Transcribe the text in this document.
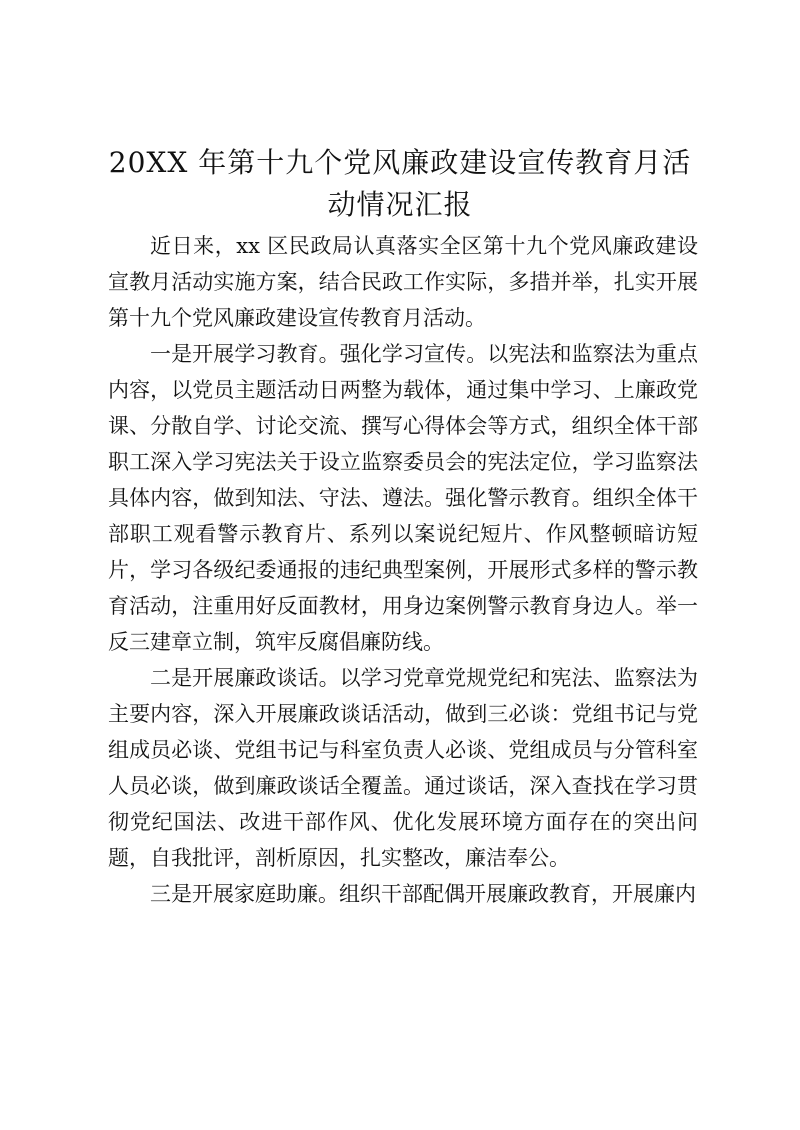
20XX 年第十九个党风廉政建设宣传教育月活动情况汇报

近日来，xx 区民政局认真落实全区第十九个党风廉政建设宣教月活动实施方案，结合民政工作实际，多措并举，扎实开展第十九个党风廉政建设宣传教育月活动。

一是开展学习教育。强化学习宣传。以宪法和监察法为重点内容，以党员主题活动日两整为载体，通过集中学习、上廉政党课、分散自学、讨论交流、撰写心得体会等方式，组织全体干部职工深入学习宪法关于设立监察委员会的宪法定位，学习监察法具体内容，做到知法、守法、遵法。强化警示教育。组织全体干部职工观看警示教育片、系列以案说纪短片、作风整顿暗访短片，学习各级纪委通报的违纪典型案例，开展形式多样的警示教育活动，注重用好反面教材，用身边案例警示教育身边人。举一反三建章立制，筑牢反腐倡廉防线。

二是开展廉政谈话。以学习党章党规党纪和宪法、监察法为主要内容，深入开展廉政谈话活动，做到三必谈：党组书记与党组成员必谈、党组书记与科室负责人必谈、党组成员与分管科室人员必谈，做到廉政谈话全覆盖。通过谈话，深入查找在学习贯彻党纪国法、改进干部作风、优化发展环境方面存在的突出问题，自我批评，剖析原因，扎实整改，廉洁奉公。

三是开展家庭助廉。组织干部配偶开展廉政教育，开展廉内
